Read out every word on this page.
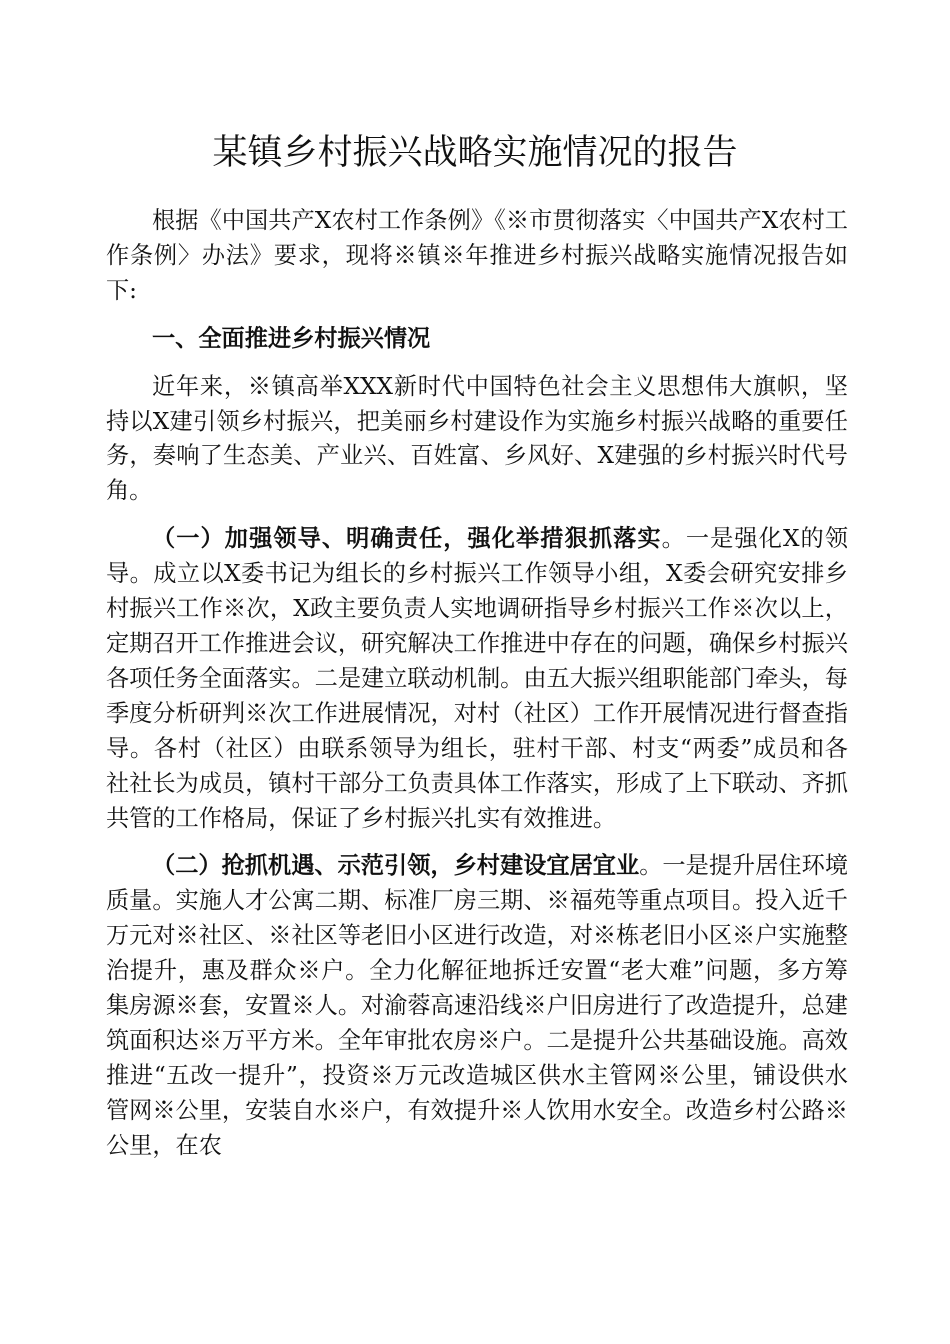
某镇乡村振兴战略实施情况的报告

根据《中国共产X农村工作条例》《※市贯彻落实〈中国共产X农村工作条例〉办法》要求，现将※镇※年推进乡村振兴战略实施情况报告如下:

一、全面推进乡村振兴情况

近年来，※镇高举XXX新时代中国特色社会主义思想伟大旗帜，坚持以X建引领乡村振兴，把美丽乡村建设作为实施乡村振兴战略的重要任务，奏响了生态美、产业兴、百姓富、乡风好、X建强的乡村振兴时代号角。

（一）加强领导、明确责任，强化举措狠抓落实。一是强化X的领导。成立以X委书记为组长的乡村振兴工作领导小组，X委会研究安排乡村振兴工作※次，X政主要负责人实地调研指导乡村振兴工作※次以上，定期召开工作推进会议，研究解决工作推进中存在的问题，确保乡村振兴各项任务全面落实。二是建立联动机制。由五大振兴组职能部门牵头，每季度分析研判※次工作进展情况，对村（社区）工作开展情况进行督查指导。各村（社区）由联系领导为组长，驻村干部、村支“两委”成员和各社社长为成员，镇村干部分工负责具体工作落实，形成了上下联动、齐抓共管的工作格局，保证了乡村振兴扎实有效推进。

（二）抢抓机遇、示范引领，乡村建设宜居宜业。一是提升居住环境质量。实施人才公寓二期、标准厂房三期、※福苑等重点项目。投入近千万元对※社区、※社区等老旧小区进行改造，对※栋老旧小区※户实施整治提升，惠及群众※户。全力化解征地拆迁安置“老大难”问题，多方筹集房源※套，安置※人。对渝蓉高速沿线※户旧房进行了改造提升，总建筑面积达※万平方米。全年审批农房※户。二是提升公共基础设施。高效推进“五改一提升”，投资※万元改造城区供水主管网※公里，铺设供水管网※公里，安装自水※户，有效提升※人饮用水安全。改造乡村公路※公里，在农
